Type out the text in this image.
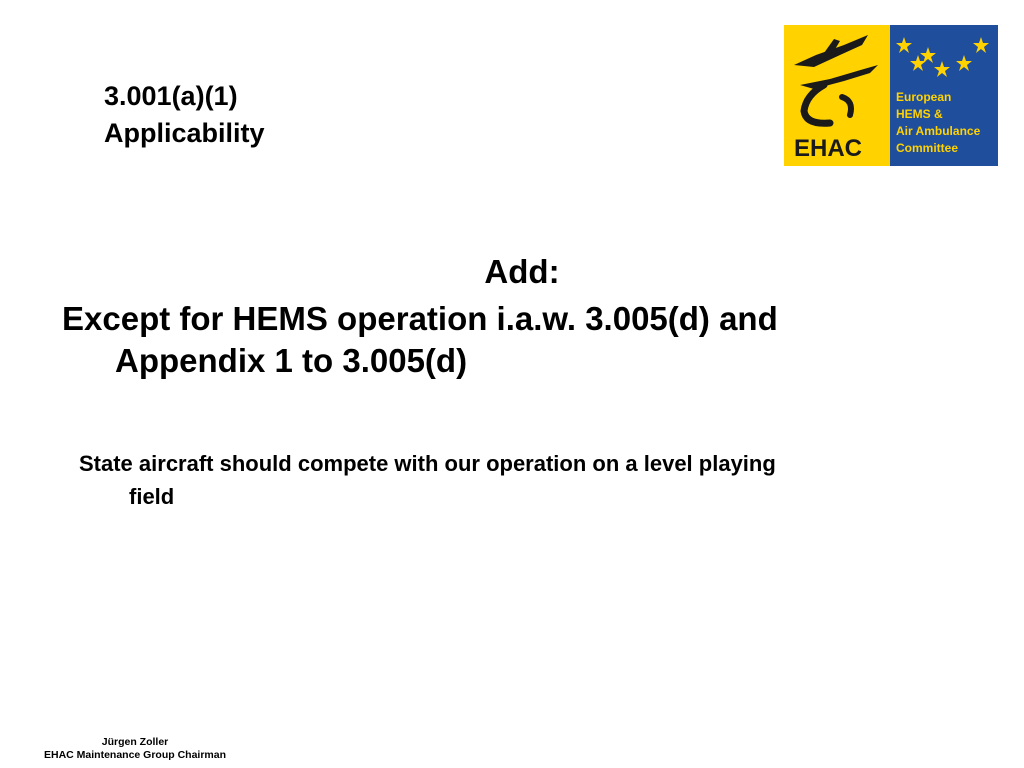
3.001(a)(1)
Applicability
EHAC
European
HEMS &
Air Ambulance
Committee
Add:
Except for HEMS operation i.a.w. 3.005(d) and
Appendix 1 to 3.005(d)
State aircraft should compete with our operation on a level playing
field
Jürgen Zoller
EHAC Maintenance Group Chairman
